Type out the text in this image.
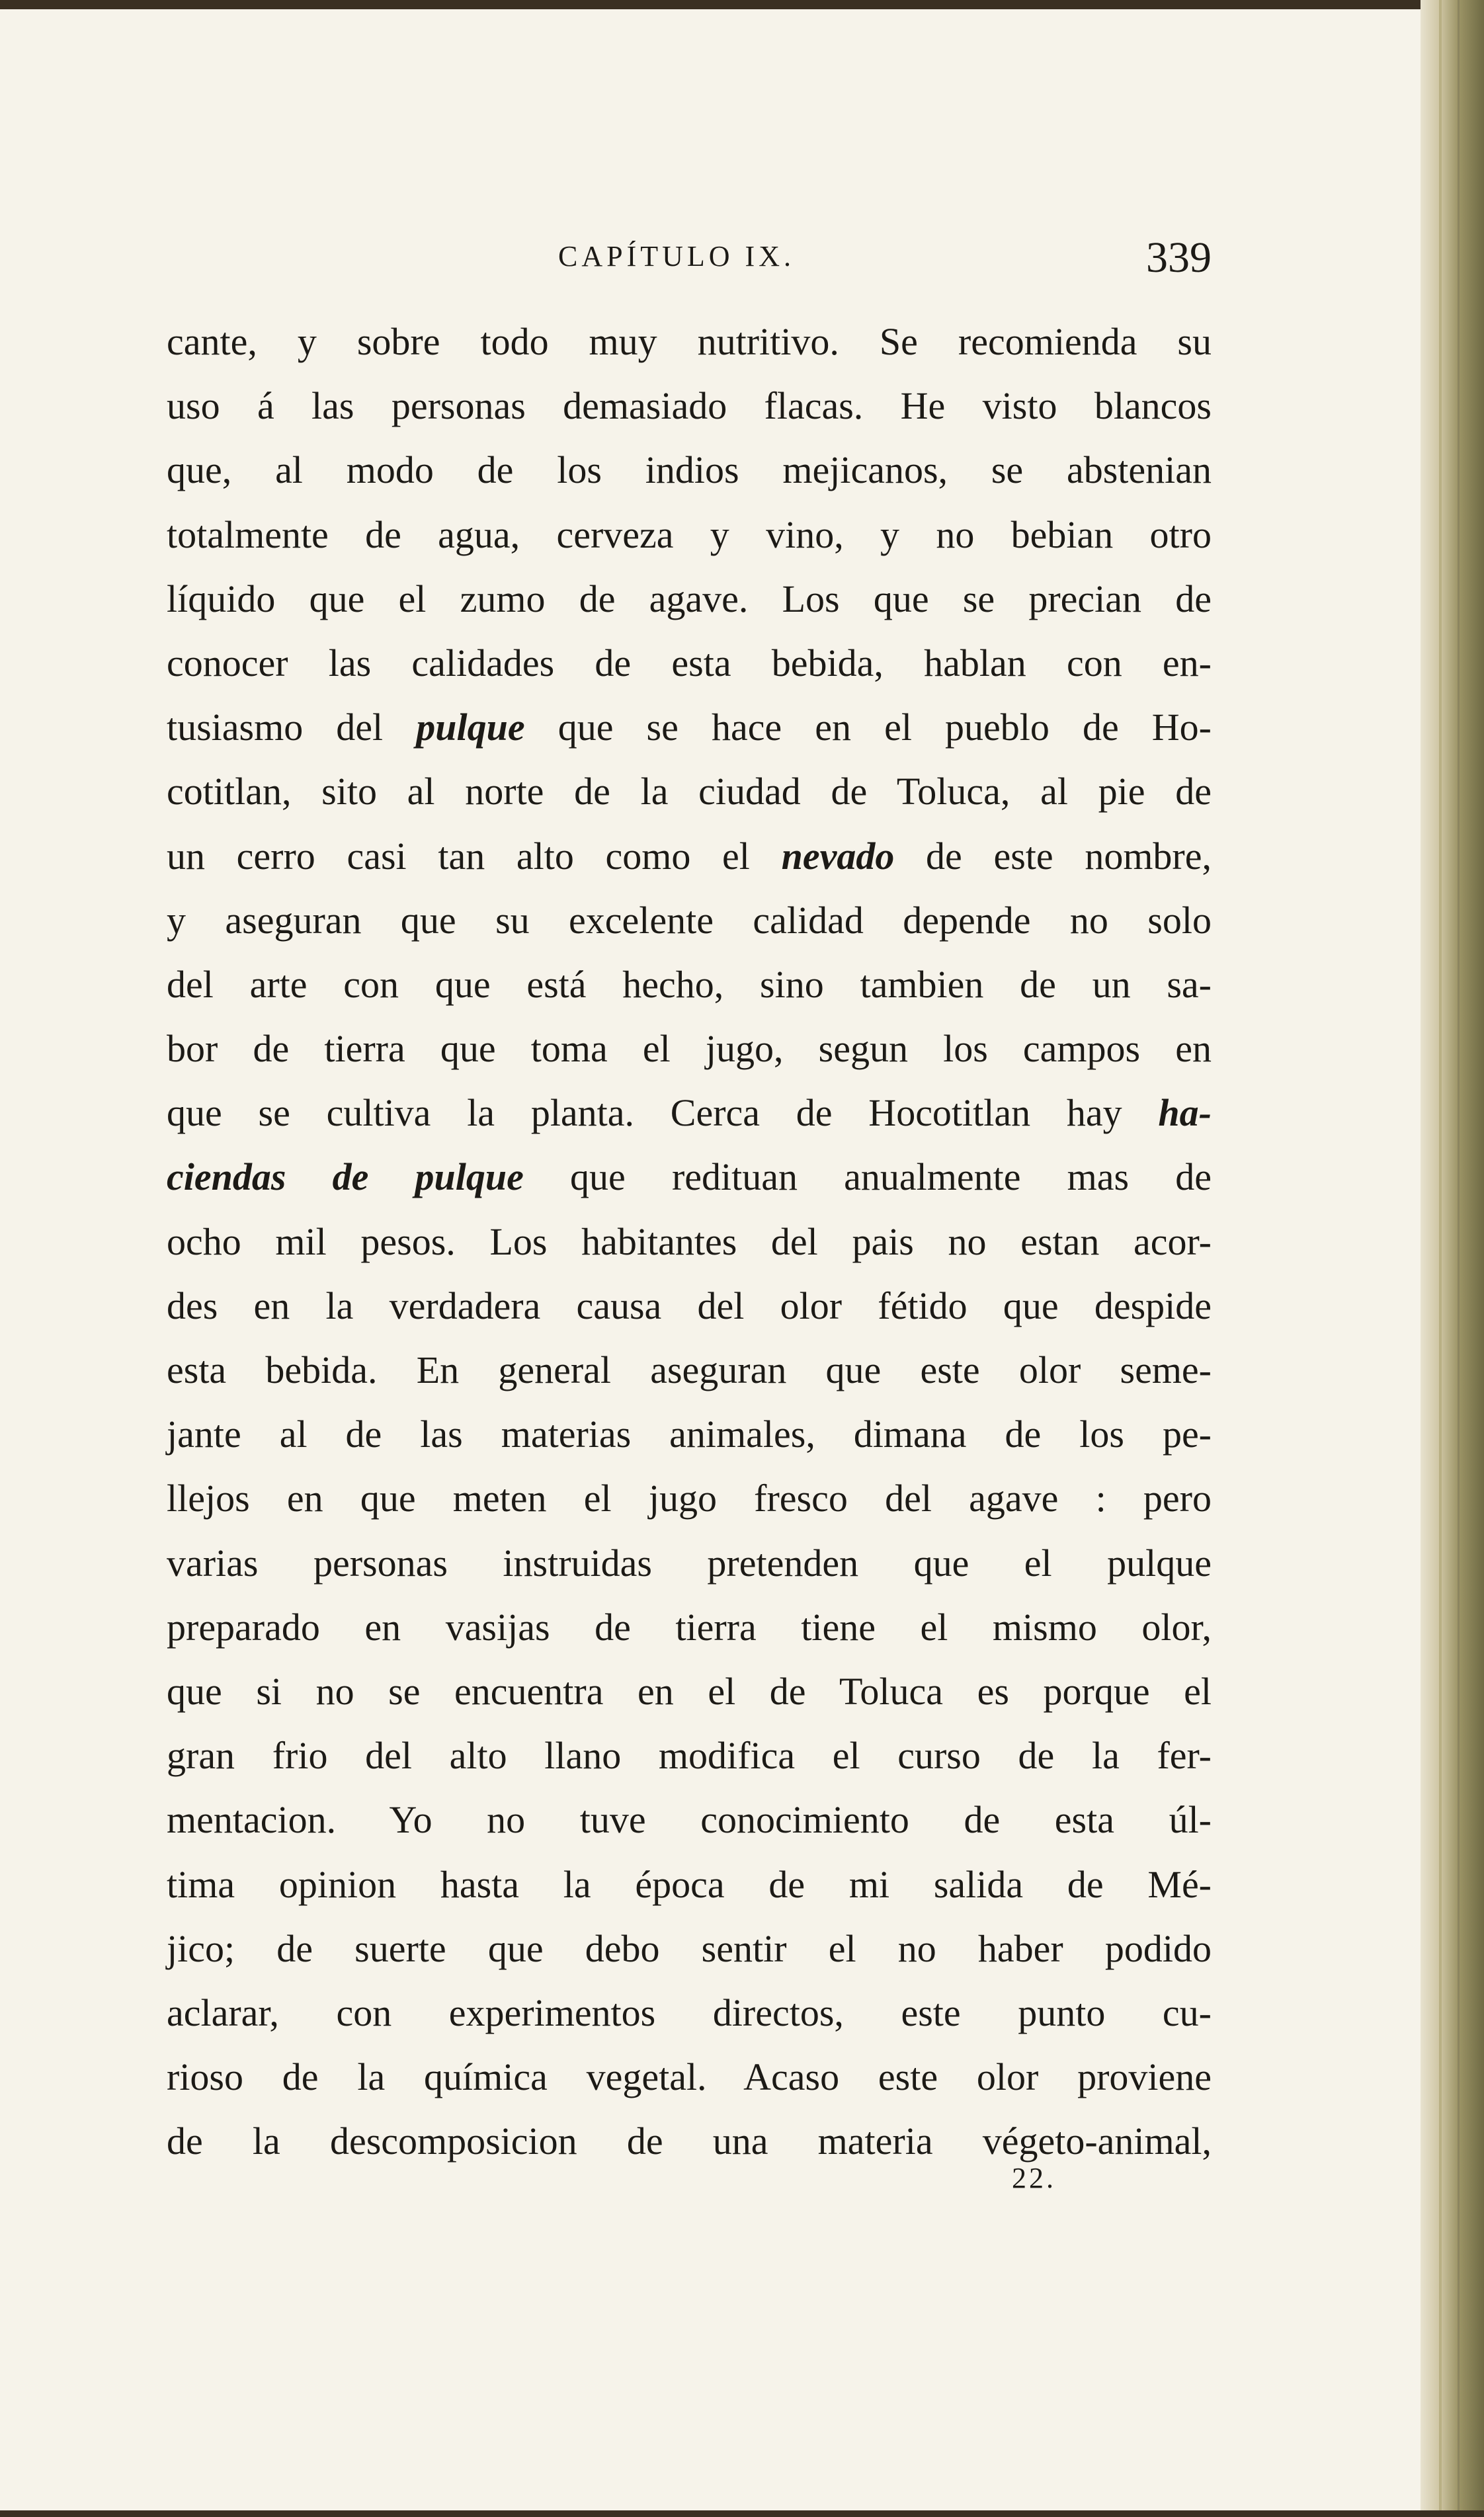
CAPÍTULO IX.	339
cante, y sobre todo muy nutritivo. Se recomienda su
uso á las personas demasiado flacas. He visto blancos
que, al modo de los indios mejicanos, se abstenian
totalmente de agua, cerveza y vino, y no bebian otro
líquido que el zumo de agave. Los que se precian de
conocer las calidades de esta bebida, hablan con en-
tusiasmo del pulque que se hace en el pueblo de Ho-
cotitlan, sito al norte de la ciudad de Toluca, al pie de
un cerro casi tan alto como el nevado de este nombre,
y aseguran que su excelente calidad depende no solo
del arte con que está hecho, sino tambien de un sa-
bor de tierra que toma el jugo, segun los campos en
que se cultiva la planta. Cerca de Hocotitlan hay ha-
ciendas de pulque que redituan anualmente mas de
ocho mil pesos. Los habitantes del pais no estan acor-
des en la verdadera causa del olor fétido que despide
esta bebida. En general aseguran que este olor seme-
jante al de las materias animales, dimana de los pe-
llejos en que meten el jugo fresco del agave : pero
varias personas instruidas pretenden que el pulque
preparado en vasijas de tierra tiene el mismo olor,
que si no se encuentra en el de Toluca es porque el
gran frio del alto llano modifica el curso de la fer-
mentacion. Yo no tuve conocimiento de esta úl-
tima opinion hasta la época de mi salida de Mé-
jico; de suerte que debo sentir el no haber podido
aclarar, con experimentos directos, este punto cu-
rioso de la química vegetal. Acaso este olor proviene
de la descomposicion de una materia végeto-animal,
22.
